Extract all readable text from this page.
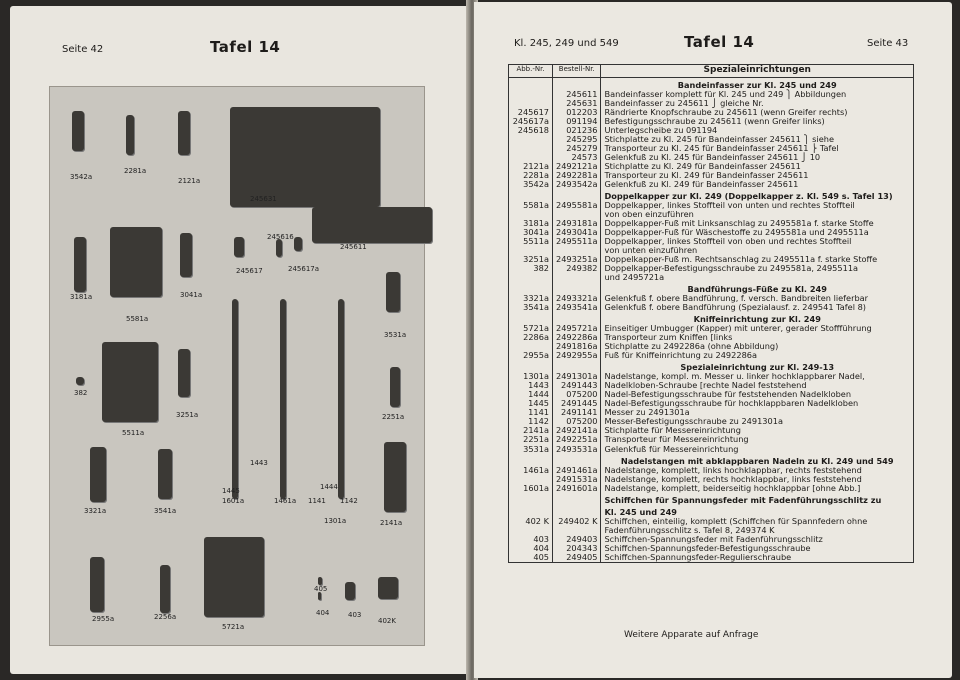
Seite 42	Tafel 14
3542a
2281a
2121a
245631
245616
245611
245617	245617a
3181a
5581a
3041a
3531a
382
5511a
3251a	2251a
1443
1445
1601a	1461a
1444
1141 1142
1301a
3321a	3541a
2141a
2955a	2256a
5721a
405
404	403
402K
Kl. 245, 249 und 549	Tafel 14	Seite 43
Abb.-Nr.	Bestell-Nr.	Spezialeinrichtungen
		Bandeinfasser zur Kl. 245 und 249
	245611	Bandeinfasser komplett für Kl. 245 und 249 ⎫ Abbildungen
	245631	Bandeinfasser zu 245611 ⎭ gleiche Nr.
245617	012203	Rändrierte Knopfschraube zu 245611 (wenn Greifer rechts)
245617a	091194	Befestigungsschraube zu 245611 (wenn Greifer links)
245618	021236	Unterlegscheibe zu 091194
	245295	Stichplatte zu Kl. 245 für Bandeinfasser 245611 ⎫ siehe
	245279	Transporteur zu Kl. 245 für Bandeinfasser 245611 ⎬ Tafel
	24573	Gelenkfuß zu Kl. 245 für Bandeinfasser 245611 ⎭ 10
2121a	2492121a	Stichplatte zu Kl. 249 für Bandeinfasser 245611
2281a	2492281a	Transporteur zu Kl. 249 für Bandeinfasser 245611
3542a	2493542a	Gelenkfuß zu Kl. 249 für Bandeinfasser 245611
		Doppelkapper zur Kl. 249 (Doppelkapper z. Kl. 549 s. Tafel 13)
5581a	2495581a	Doppelkapper, linkes Stoffteil von unten und rechtes Stoffteil
		von oben einzuführen
3181a	2493181a	Doppelkapper-Fuß mit Linksanschlag zu 2495581a f. starke Stoffe
3041a	2493041a	Doppelkapper-Fuß für Wäschestoffe zu 2495581a und 2495511a
5511a	2495511a	Doppelkapper, linkes Stoffteil von oben und rechtes Stoffteil
		von unten einzuführen
3251a	2493251a	Doppelkapper-Fuß m. Rechtsanschlag zu 2495511a f. starke Stoffe
382	249382	Doppelkapper-Befestigungsschraube zu 2495581a, 2495511a
		und 2495721a
		Bandführungs-Füße zu Kl. 249
3321a	2493321a	Gelenkfuß f. obere Bandführung, f. versch. Bandbreiten lieferbar
3541a	2493541a	Gelenkfuß f. obere Bandführung (Spezialausf. z. 249541 Tafel 8)
		Kniffeinrichtung zur Kl. 249
5721a	2495721a	Einseitiger Umbugger (Kapper) mit unterer, gerader Stoffführung
2286a	2492286a	Transporteur zum Kniffen [links
	2491816a	Stichplatte zu 2492286a (ohne Abbildung)
2955a	2492955a	Fuß für Kniffeinrichtung zu 2492286a
		Spezialeinrichtung zur Kl. 249-13
1301a	2491301a	Nadelstange, kompl. m. Messer u. linker hochklappbarer Nadel,
1443	2491443	Nadelkloben-Schraube [rechte Nadel feststehend
1444	075200	Nadel-Befestigungsschraube für feststehenden Nadelkloben
1445	2491445	Nadel-Befestigungsschraube für hochklappbaren Nadelkloben
1141	2491141	Messer zu 2491301a
1142	075200	Messer-Befestigungsschraube zu 2491301a
2141a	2492141a	Stichplatte für Messereinrichtung
2251a	2492251a	Transporteur für Messereinrichtung
3531a	2493531a	Gelenkfuß für Messereinrichtung
		Nadelstangen mit abklappbaren Nadeln zu Kl. 249 und 549
1461a	2491461a	Nadelstange, komplett, links hochklappbar, rechts feststehend
	2491531a	Nadelstange, komplett, rechts hochklappbar, links feststehend
1601a	2491601a	Nadelstange, komplett, beiderseitig hochklappbar [ohne Abb.]
		Schiffchen für Spannungsfeder mit Fadenführungsschlitz zu
		Kl. 245 und 249
402 K	249402 K	Schiffchen, einteilig, komplett (Schiffchen für Spannfedern ohne
		Fadenführungsschlitz s. Tafel 8, 249374 K
403	249403	Schiffchen-Spannungsfeder mit Fadenführungsschlitz
404	204343	Schiffchen-Spannungsfeder-Befestigungsschraube
405	249405	Schiffchen-Spannungsfeder-Regulierschraube
Weitere Apparate auf Anfrage
